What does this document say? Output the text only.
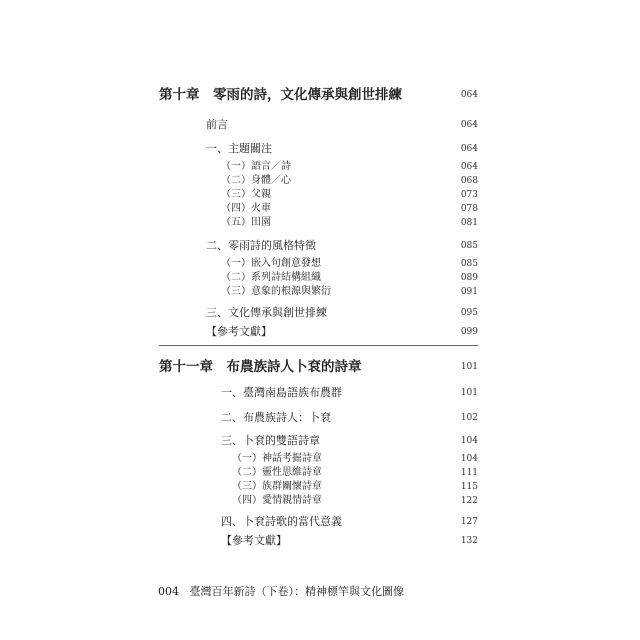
第十章　零雨的詩，文化傳承與創世排練	064
前言	064
一、主題關注	064
（一）語言／詩	064
（二）身體／心	068
（三）父親	073
（四）火車	078
（五）田園	081
二、零雨詩的風格特徵	085
（一）嵌入句創意發想	085
（二）系列詩結構組織	089
（三）意象的根源與繁衍	091
三、文化傳承與創世排練	095
【參考文獻】	099
第十一章　布農族詩人卜袞的詩章	101
一、臺灣南島語族布農群	101
二、布農族詩人：卜袞	102
三、卜袞的雙語詩章	104
（一）神話考掘詩章	104
（二）靈性思維詩章	111
（三）族群關懷詩章	115
（四）愛情親情詩章	122
四、卜袞詩歌的當代意義	127
【參考文獻】	132
004 臺灣百年新詩（下卷）：精神標竿與文化圖像
